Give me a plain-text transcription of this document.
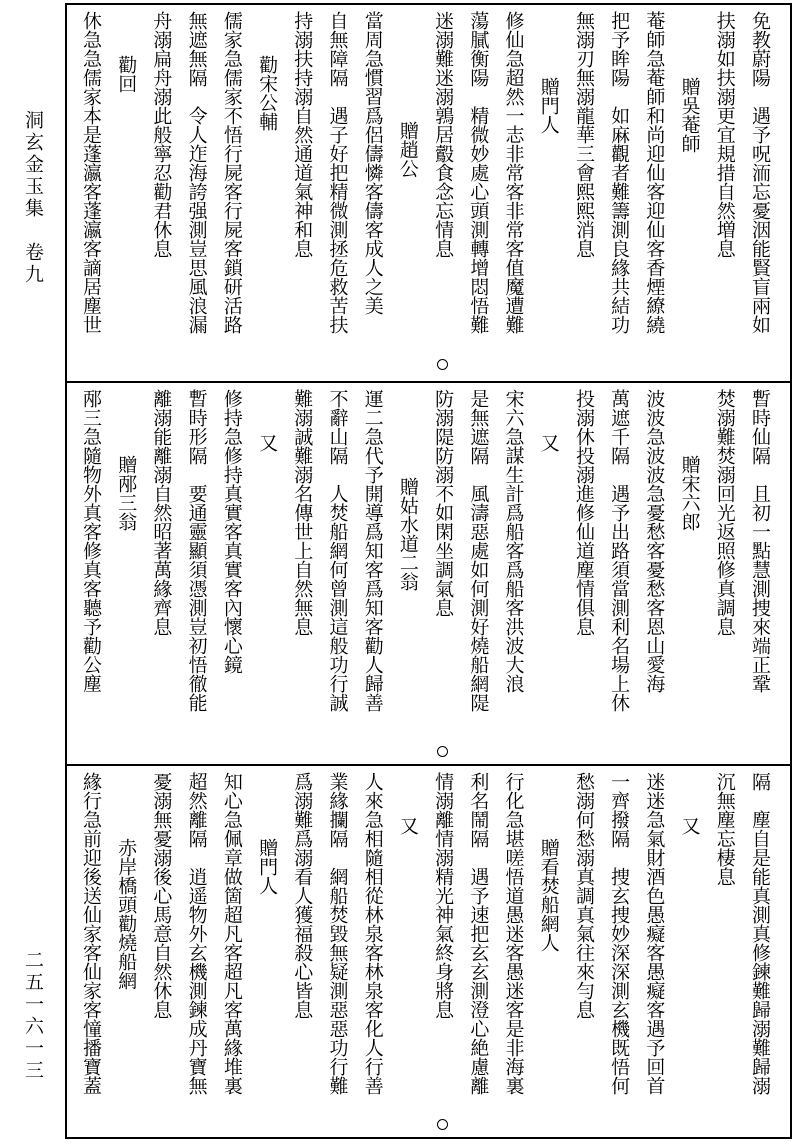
洞玄金玉集　卷九
二五一六一三
免教蔚陽　遇予呪洏忘憂洇能賢盲兩如
扶溺如扶溺更宜規措自然増息
贈吳菴師
菴師急菴師和尚迎仙客迎仙客香煙繚繞
把予眸陽　如麻觀者難籌測良緣共結功
無溺刃無溺龍華三會熙熙消息
贈門人
修仙急超然一志非常客非常客值魔遭難
蕩膩衡陽　精微妙處心頭測轉增悶悟難
迷溺難迷溺鶉居鷇食念忘情息
贈趙公
當周急慣習爲侶儔憐客儔客成人之美
自無障隔　遇子好把精微測拯危救苦扶
持溺扶持溺自然通道氣神和息
勸宋公輔
儒家急儒家不悟行屍客行屍客鎖研活路
無遮無隔　令人迮海誇强測豈思風浪漏
舟溺扁舟溺此般寧忍勸君休息
勸回
休急急儒家本是蓬瀛客蓬瀛客謫居塵世
暫時仙隔　且初一點慧測捜來端正鞏
焚溺難焚溺回光返照修真調息
贈宋六郎
波波急波波急憂愁客憂愁客恩山愛海
萬遮千隔　遇予出路須當測利名場上休
投溺休投溺進修仙道塵情俱息
又
宋六急謀生計爲船客爲船客洪波大浪
是無遮隔　風濤惡處如何測好燒船網隄
防溺隄防溺不如閑坐調氣息
贈姑水道二翁
運二急代予開導爲知客爲知客勸人歸善
不辭山隔　人焚船網何曾測這般功行誠
難溺誠難溺名傳世上自然無息
又
修持急修持真實客真實客內懷心鏡
暫時形隔　要通靈顯須憑測豈初悟徹能
離溺能離溺自然昭著萬緣齊息
贈邴三翁
邴三急隨物外真客修真客聽予勸公塵
隔　塵自是能真測真修鍊難歸溺難歸溺
沉無塵忘棲息
又
迷迷急氣財酒色愚癡客愚癡客遇予回首
一齊撥隔　捜玄捜妙深深測玄機既悟何
愁溺何愁溺真調真氣往來勻息
贈看焚船網人
行化急堪嗟悟道愚迷客愚迷客是非海裏
利名鬧隔　遇予速把玄玄測澄心絶慮離
情溺離情溺精光神氣終身將息
又
人來急相隨相從林泉客林泉客化人行善
業緣攔隔　網船焚毀無疑測惡惡功行難
爲溺難爲溺看人獲福殺心皆息
贈門人
知心急佩章做箇超凡客超凡客萬緣堆裏
超然離隔　逍遥物外玄機測鍊成丹寶無
憂溺無憂溺後心馬意自然休息
赤岸橋頭勸燒船網
緣行急前迎後送仙家客仙家客憧播寶蓋
